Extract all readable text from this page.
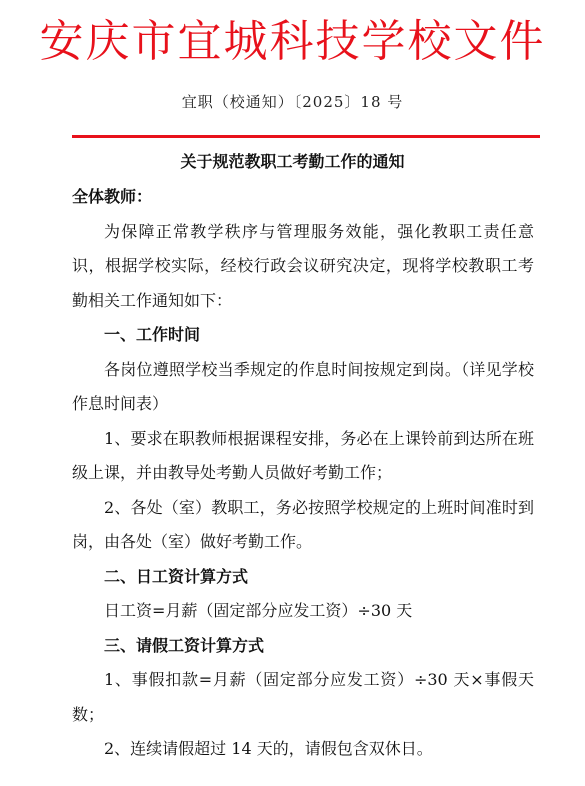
安庆市宜城科技学校文件
宜职（校通知）〔2025〕18 号
关于规范教职工考勤工作的通知

全体教师：

为保障正常教学秩序与管理服务效能，强化教职工责任意识，根据学校实际，经校行政会议研究决定，现将学校教职工考勤相关工作通知如下：

一、工作时间

各岗位遵照学校当季规定的作息时间按规定到岗。（详见学校作息时间表）

1、要求在职教师根据课程安排，务必在上课铃前到达所在班级上课，并由教导处考勤人员做好考勤工作；

2、各处（室）教职工，务必按照学校规定的上班时间准时到岗，由各处（室）做好考勤工作。

二、日工资计算方式

日工资=月薪（固定部分应发工资）÷30 天

三、请假工资计算方式

1、事假扣款=月薪（固定部分应发工资）÷30 天×事假天数；

2、连续请假超过 14 天的，请假包含双休日。
